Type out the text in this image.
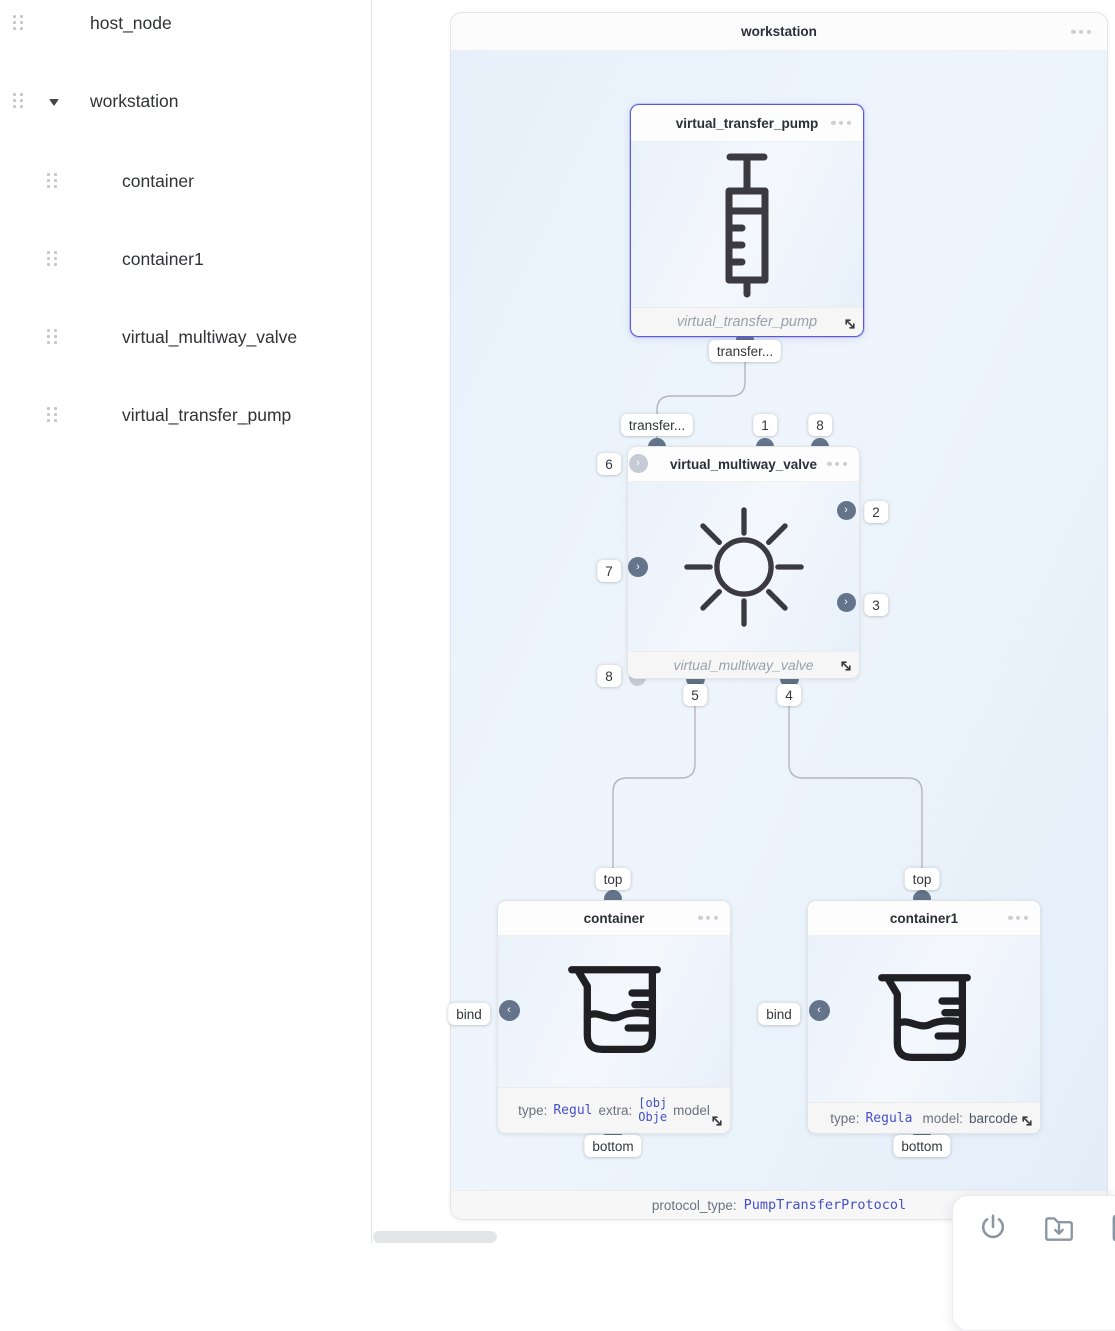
host_node
workstation
container
container1
virtual_multiway_valve
virtual_transfer_pump
workstation
protocol_type: PumpTransferProtocol
virtual_transfer_pump
virtual_transfer_pump
virtual_multiway_valve
virtual_multiway_valve
container
type: Regul extra:
[obj
Obje model
container1
type: Regula model: barcode
›
›
›
›
‹	‹
transfer...
transfer...	1	8
6
7
8
2
3
5	4
top	top
bind	bind
bottom	bottom
